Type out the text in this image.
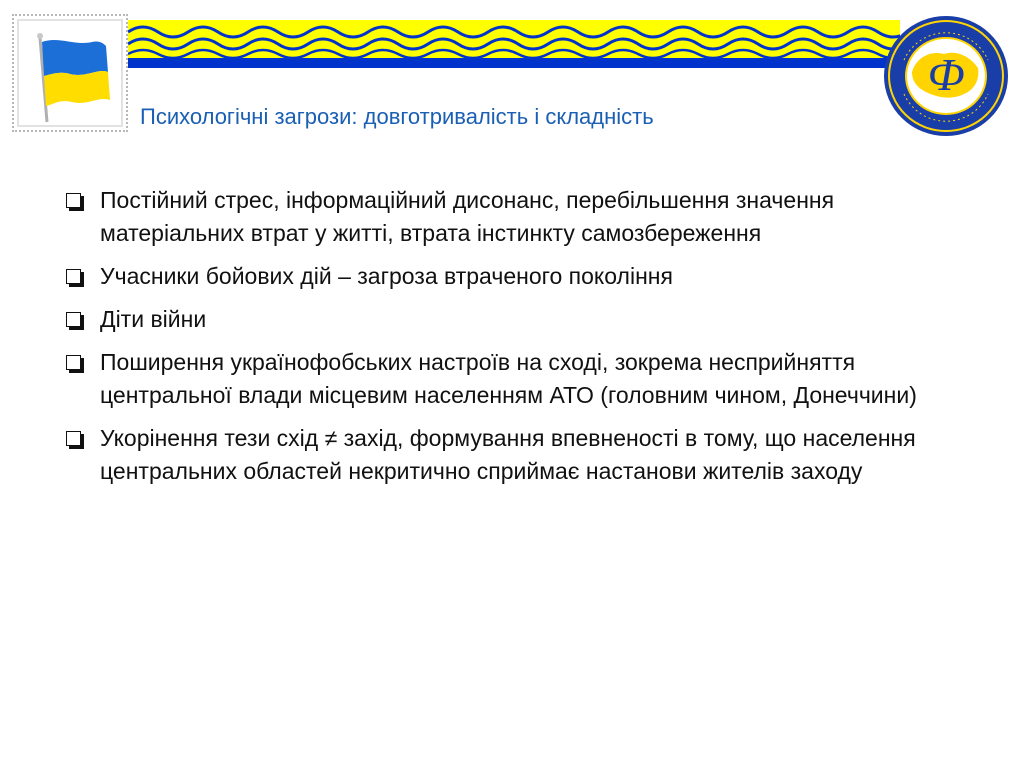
Ф
Психологічні загрози: довготривалість і складність
Постійний стрес, інформаційний дисонанс, перебільшення значення матеріальних втрат у житті, втрата інстинкту самозбереження
Учасники бойових дій – загроза втраченого покоління
Діти війни
Поширення українофобських настроїв на сході, зокрема несприйняття центральної влади місцевим населенням АТО (головним чином, Донеччини)
Укорінення тези схід ≠ захід, формування впевненості в тому, що населення центральних областей некритично сприймає настанови жителів заходу
